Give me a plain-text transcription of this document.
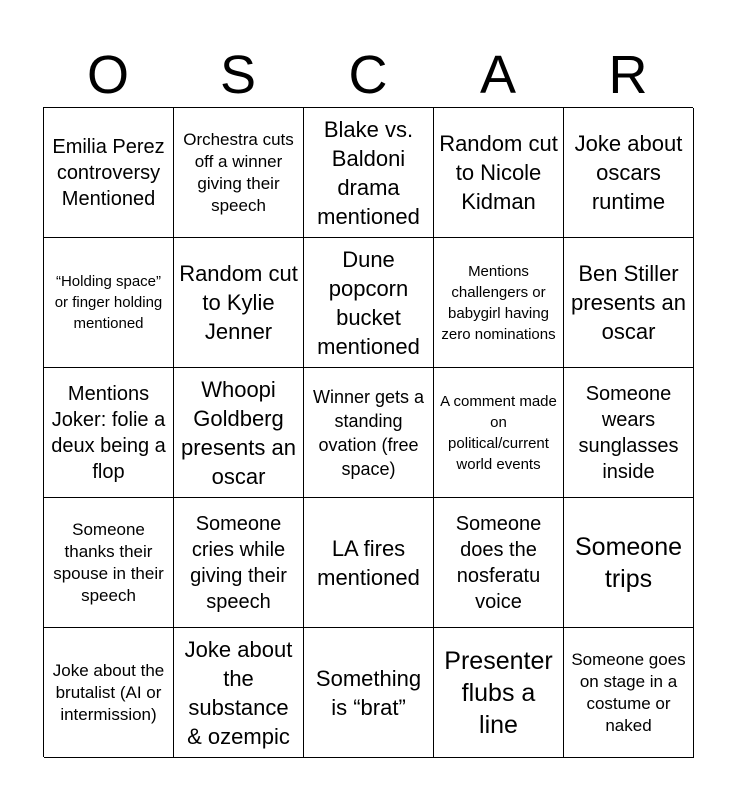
O	S	C	A	R
Emilia Perez controversy Mentioned
Orchestra cuts off a winner giving their speech
Blake vs. Baldoni drama mentioned
Random cut to Nicole Kidman
Joke about oscars runtime
“Holding space” or finger holding mentioned
Random cut to Kylie Jenner
Dune popcorn bucket mentioned
Mentions challengers or babygirl having zero nominations
Ben Stiller presents an oscar
Mentions Joker: folie a deux being a flop
Whoopi Goldberg presents an oscar
Winner gets a standing ovation (free space)
A comment made on political/current world events
Someone wears sunglasses inside
Someone thanks their spouse in their speech
Someone cries while giving their speech
LA fires mentioned
Someone does the nosferatu voice
Someone trips
Joke about the brutalist (AI or intermission)
Joke about the substance & ozempic
Something is “brat”
Presenter flubs a line
Someone goes on stage in a costume or naked
